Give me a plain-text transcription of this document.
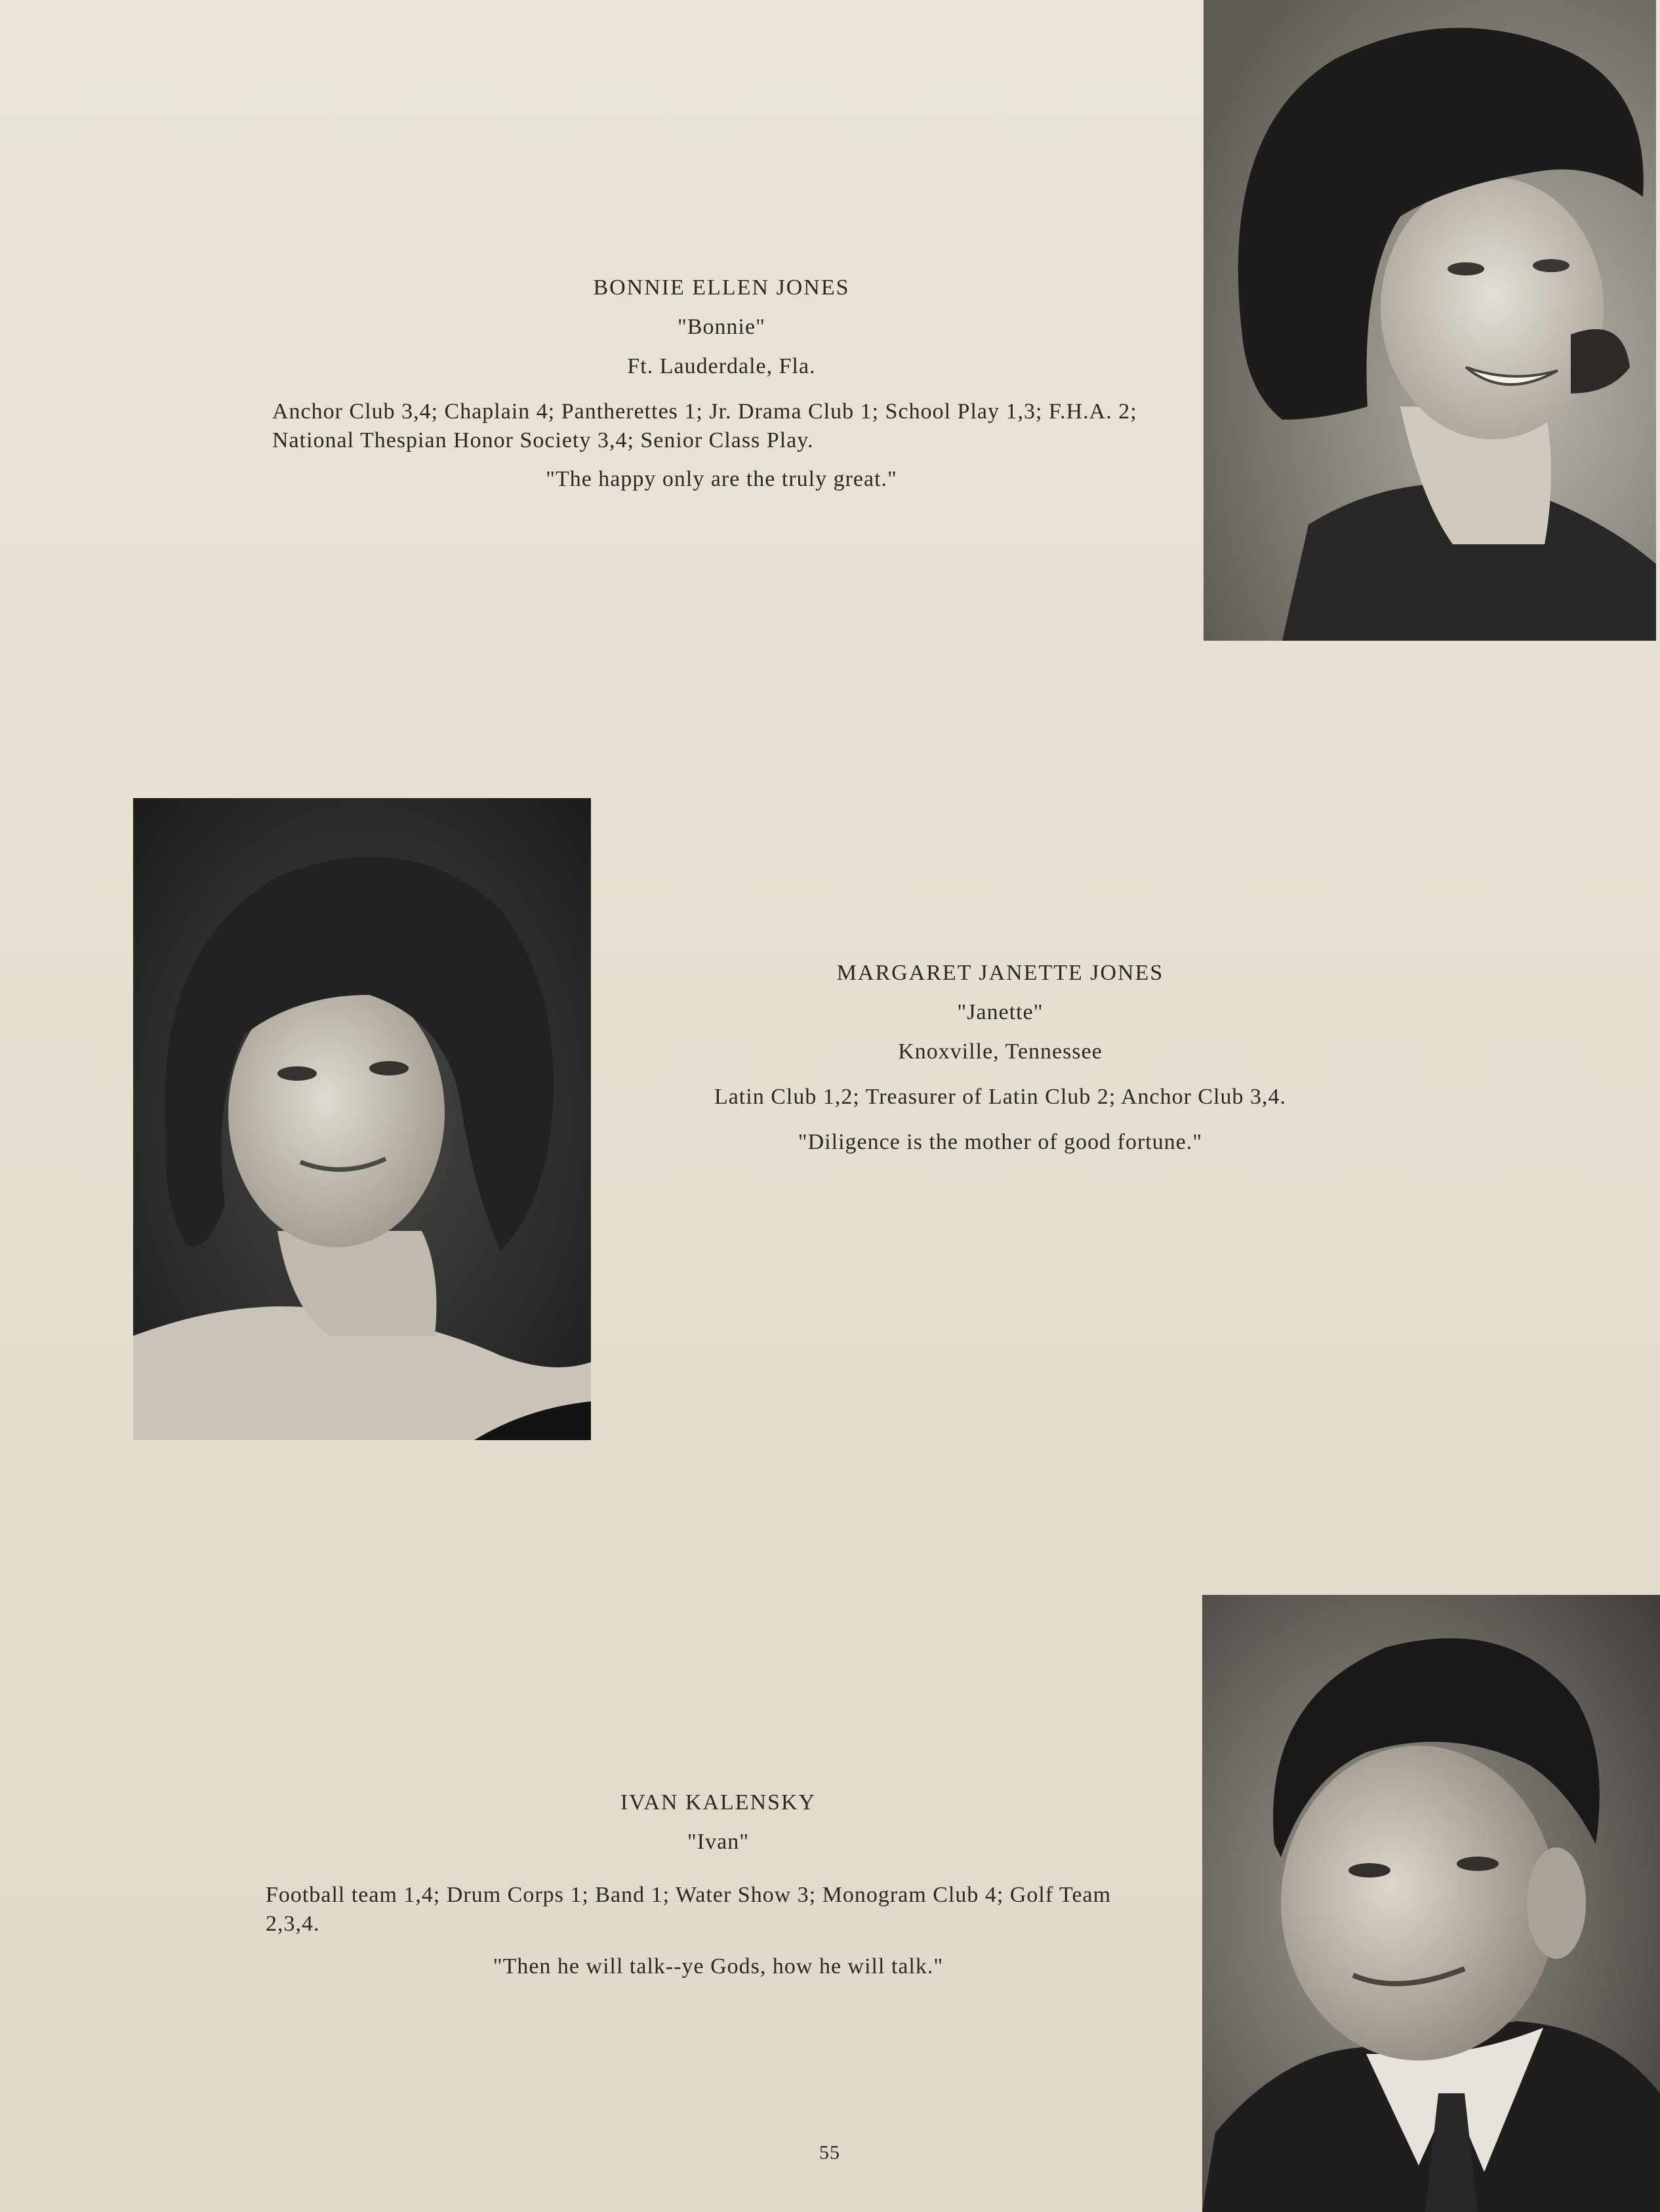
BONNIE ELLEN JONES
"Bonnie"
Ft. Lauderdale, Fla.
Anchor Club 3,4; Chaplain 4; Pantherettes 1; Jr. Drama Club 1; School Play 1,3; F.H.A. 2; National Thespian Honor Society 3,4; Senior Class Play.
"The happy only are the truly great."
MARGARET JANETTE JONES
"Janette"
Knoxville, Tennessee
Latin Club 1,2; Treasurer of Latin Club 2; Anchor Club 3,4.
"Diligence is the mother of good fortune."
IVAN KALENSKY
"Ivan"
Football team 1,4; Drum Corps 1; Band 1; Water Show 3; Monogram Club 4; Golf Team 2,3,4.
"Then he will talk--ye Gods, how he will talk."
55
